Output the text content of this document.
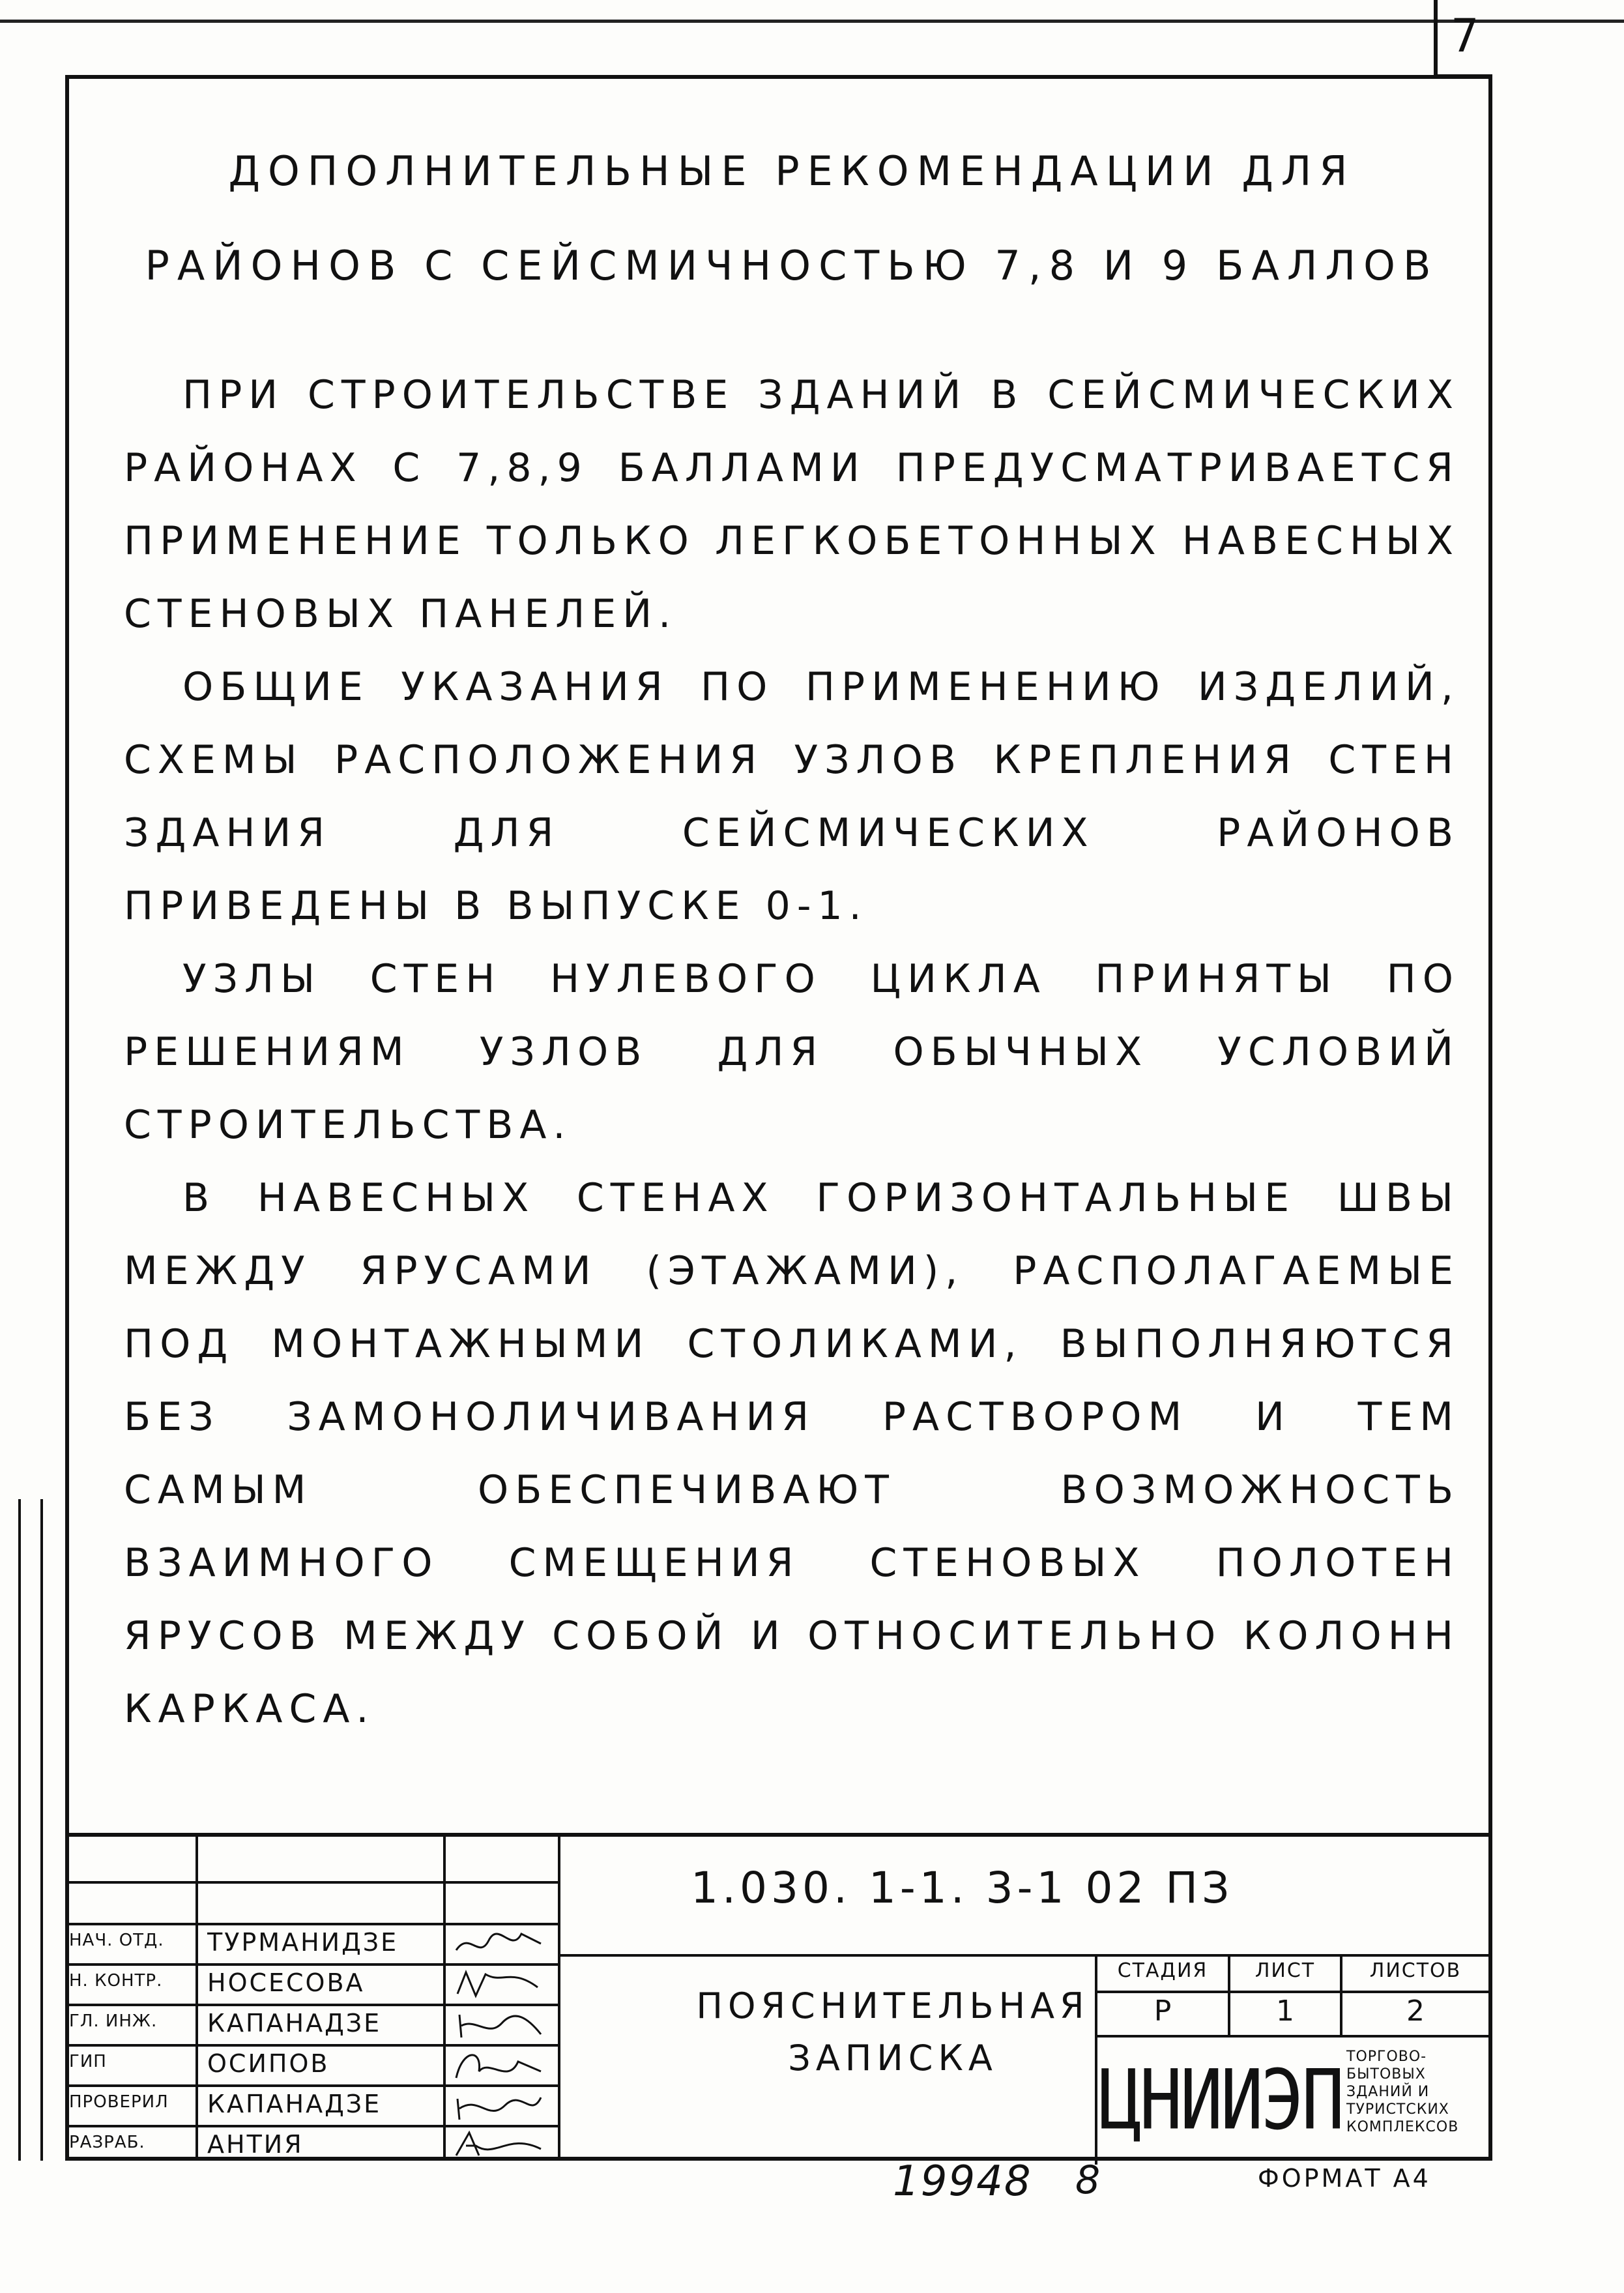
7
ДОПОЛНИТЕЛЬНЫЕ РЕКОМЕНДАЦИИ ДЛЯ
РАЙОНОВ С СЕЙСМИЧНОСТЬЮ 7,8 И 9 БАЛЛОВ

ПРИ СТРОИТЕЛЬСТВЕ ЗДАНИЙ В СЕЙСМИЧЕСКИХ РАЙОНАХ С 7,8,9 БАЛЛАМИ ПРЕДУСМАТРИВАЕТСЯ ПРИМЕНЕНИЕ ТОЛЬКО ЛЕГКОБЕТОННЫХ НАВЕСНЫХ СТЕНОВЫХ ПАНЕЛЕЙ.

ОБЩИЕ УКАЗАНИЯ ПО ПРИМЕНЕНИЮ ИЗДЕЛИЙ, СХЕМЫ РАСПОЛОЖЕНИЯ УЗЛОВ КРЕПЛЕНИЯ СТЕН ЗДАНИЯ ДЛЯ СЕЙСМИЧЕСКИХ РАЙОНОВ ПРИВЕДЕНЫ В ВЫПУСКЕ 0-1.

УЗЛЫ СТЕН НУЛЕВОГО ЦИКЛА ПРИНЯТЫ ПО РЕШЕНИЯМ УЗЛОВ ДЛЯ ОБЫЧНЫХ УСЛОВИЙ СТРОИТЕЛЬСТВА.

В НАВЕСНЫХ СТЕНАХ ГОРИЗОНТАЛЬНЫЕ ШВЫ МЕЖДУ ЯРУСАМИ (ЭТАЖАМИ), РАСПОЛАГАЕМЫЕ ПОД МОНТАЖНЫМИ СТОЛИКАМИ, ВЫПОЛНЯЮТСЯ БЕЗ ЗАМОНОЛИЧИВАНИЯ РАСТВОРОМ И ТЕМ САМЫМ ОБЕСПЕЧИВАЮТ ВОЗМОЖНОСТЬ ВЗАИМНОГО СМЕЩЕНИЯ СТЕНОВЫХ ПОЛОТЕН ЯРУСОВ МЕЖДУ СОБОЙ И ОТНОСИТЕЛЬНО КОЛОНН КАРКАСА.

НАЧ. ОТД.	ТУРМАНИДЗЕ
Н. КОНТР.	НОСЕСОВА
ГЛ. ИНЖ.	КАПАНАДЗЕ
ГИП	ОСИПОВ
ПРОВЕРИЛ	КАПАНАДЗЕ
РАЗРАБ.	АНТИЯ
1.030. 1-1. 3-1 02 ПЗ
ПОЯСНИТЕЛЬНАЯ
ЗАПИСКА
СТАДИЯ	ЛИСТ	ЛИСТОВ
Р	1	2
ЦНИИЭП ТОРГОВО-БЫТОВЫХ ЗДАНИЙ И ТУРИСТСКИХ КОМПЛЕКСОВ
19948 8	ФОРМАТ А4
